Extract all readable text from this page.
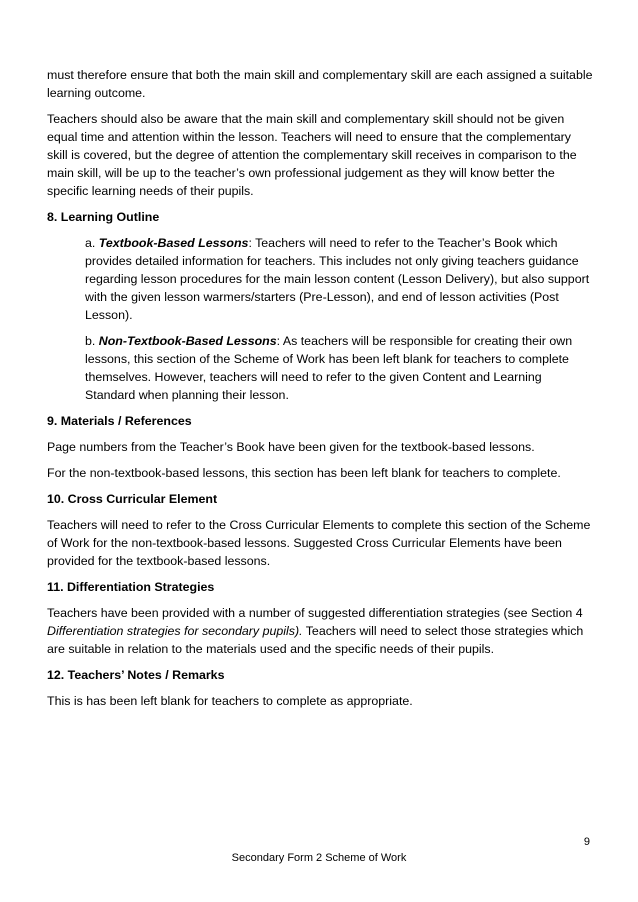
must therefore ensure that both the main skill and complementary skill are each assigned a suitable learning outcome.

Teachers should also be aware that the main skill and complementary skill should not be given equal time and attention within the lesson. Teachers will need to ensure that the complementary skill is covered, but the degree of attention the complementary skill receives in comparison to the main skill, will be up to the teacher’s own professional judgement as they will know better the specific learning needs of their pupils.

8. Learning Outline

a. Textbook-Based Lessons: Teachers will need to refer to the Teacher’s Book which provides detailed information for teachers. This includes not only giving teachers guidance regarding lesson procedures for the main lesson content (Lesson Delivery), but also support with the given lesson warmers/starters (Pre-Lesson), and end of lesson activities (Post Lesson).

b. Non-Textbook-Based Lessons: As teachers will be responsible for creating their own lessons, this section of the Scheme of Work has been left blank for teachers to complete themselves. However, teachers will need to refer to the given Content and Learning Standard when planning their lesson.

9. Materials / References

Page numbers from the Teacher’s Book have been given for the textbook-based lessons.

For the non-textbook-based lessons, this section has been left blank for teachers to complete.

10. Cross Curricular Element

Teachers will need to refer to the Cross Curricular Elements to complete this section of the Scheme of Work for the non-textbook-based lessons. Suggested Cross Curricular Elements have been provided for the textbook-based lessons.

11. Differentiation Strategies

Teachers have been provided with a number of suggested differentiation strategies (see Section 4 Differentiation strategies for secondary pupils). Teachers will need to select those strategies which are suitable in relation to the materials used and the specific needs of their pupils.

12. Teachers’ Notes / Remarks

This is has been left blank for teachers to complete as appropriate.

9
Secondary Form 2 Scheme of Work
